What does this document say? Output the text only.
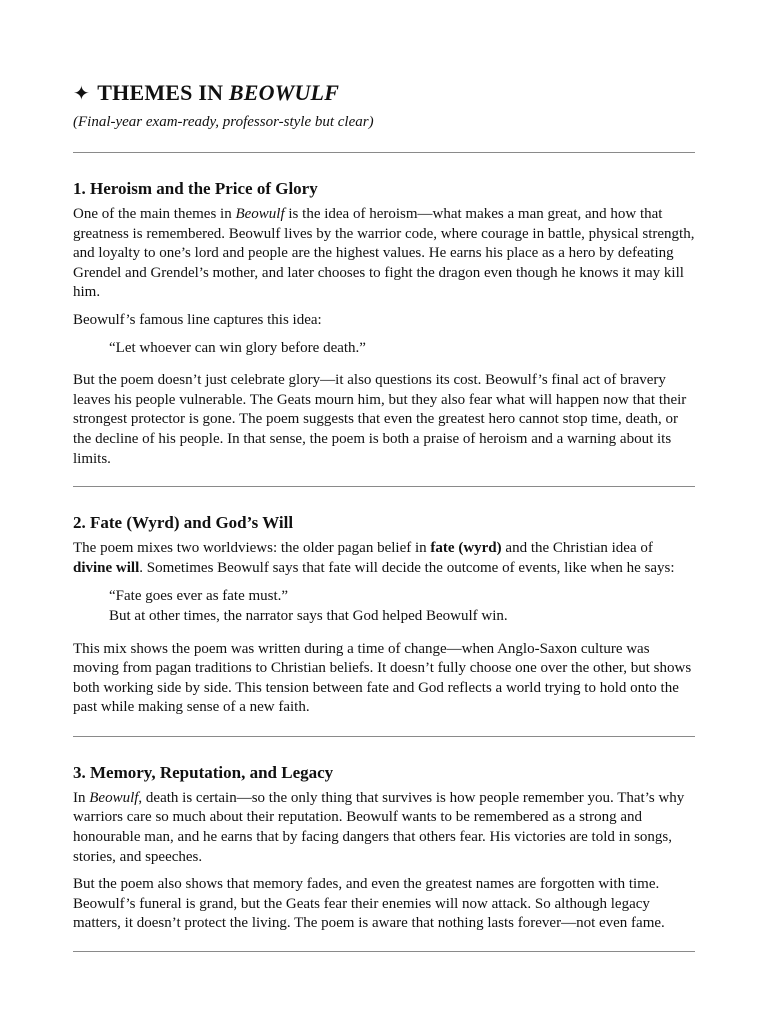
✦ THEMES IN BEOWULF
(Final-year exam-ready, professor-style but clear)
1. Heroism and the Price of Glory

One of the main themes in Beowulf is the idea of heroism—what makes a man great, and how that greatness is remembered. Beowulf lives by the warrior code, where courage in battle, physical strength, and loyalty to one’s lord and people are the highest values. He earns his place as a hero by defeating Grendel and Grendel’s mother, and later chooses to fight the dragon even though he knows it may kill him.

Beowulf’s famous line captures this idea:

“Let whoever can win glory before death.”

But the poem doesn’t just celebrate glory—it also questions its cost. Beowulf’s final act of bravery leaves his people vulnerable. The Geats mourn him, but they also fear what will happen now that their strongest protector is gone. The poem suggests that even the greatest hero cannot stop time, death, or the decline of his people. In that sense, the poem is both a praise of heroism and a warning about its limits.

2. Fate (Wyrd) and God’s Will

The poem mixes two worldviews: the older pagan belief in fate (wyrd) and the Christian idea of divine will. Sometimes Beowulf says that fate will decide the outcome of events, like when he says:

“Fate goes ever as fate must.”
But at other times, the narrator says that God helped Beowulf win.

This mix shows the poem was written during a time of change—when Anglo-Saxon culture was moving from pagan traditions to Christian beliefs. It doesn’t fully choose one over the other, but shows both working side by side. This tension between fate and God reflects a world trying to hold onto the past while making sense of a new faith.

3. Memory, Reputation, and Legacy

In Beowulf, death is certain—so the only thing that survives is how people remember you. That’s why warriors care so much about their reputation. Beowulf wants to be remembered as a strong and honourable man, and he earns that by facing dangers that others fear. His victories are told in songs, stories, and speeches.

But the poem also shows that memory fades, and even the greatest names are forgotten with time. Beowulf’s funeral is grand, but the Geats fear their enemies will now attack. So although legacy matters, it doesn’t protect the living. The poem is aware that nothing lasts forever—not even fame.
